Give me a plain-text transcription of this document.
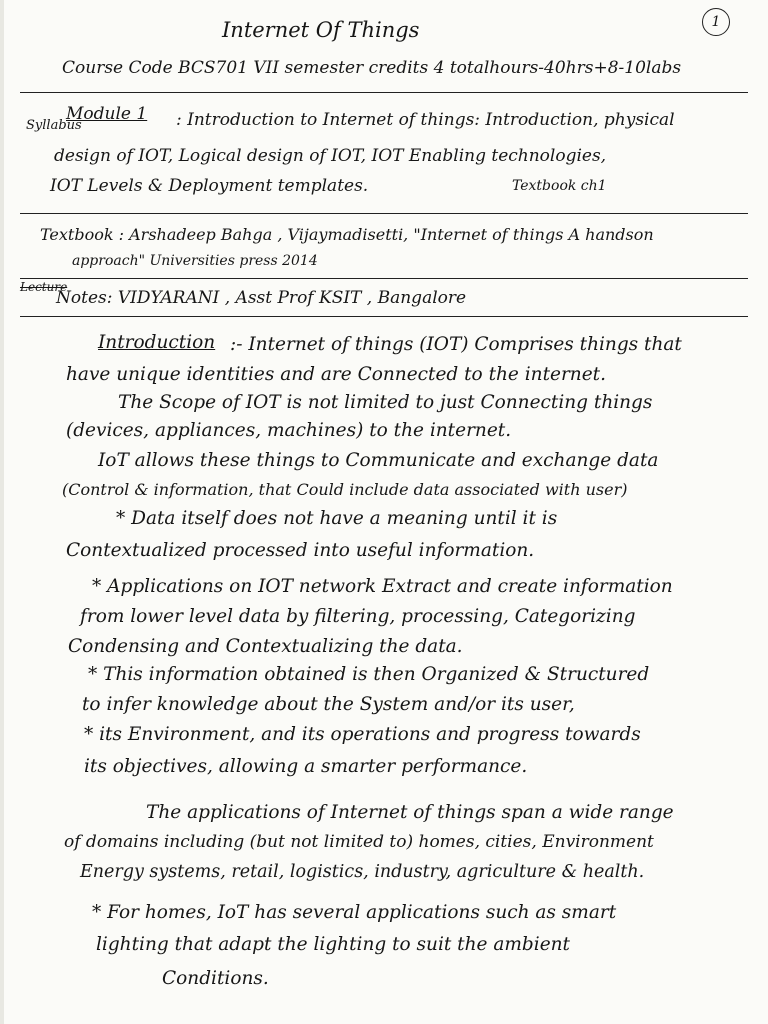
Internet Of Things	1
Course Code BCS701 VII semester credits 4 totalhours-40hrs+8-10labs
Syllabus
Module 1 : Introduction to Internet of things: Introduction, physical
design of IOT, Logical design of IOT, IOT Enabling technologies,
IOT Levels & Deployment templates.	Textbook ch1
Textbook : Arshadeep Bahga , Vijaymadisetti, "Internet of things A handson
approach" Universities press 2014
Lecture
Notes: VIDYARANI , Asst Prof KSIT , Bangalore
Introduction :- Internet of things (IOT) Comprises things that
have unique identities and are Connected to the internet.
The Scope of IOT is not limited to just Connecting things
(devices, appliances, machines) to the internet.
IoT allows these things to Communicate and exchange data
(Control & information, that Could include data associated with user)
* Data itself does not have a meaning until it is
Contextualized processed into useful information.
* Applications on IOT network Extract and create information
from lower level data by filtering, processing, Categorizing
Condensing and Contextualizing the data.
* This information obtained is then Organized & Structured
to infer knowledge about the System and/or its user,
* its Environment, and its operations and progress towards
its objectives, allowing a smarter performance.
The applications of Internet of things span a wide range
of domains including (but not limited to) homes, cities, Environment
Energy systems, retail, logistics, industry, agriculture & health.
* For homes, IoT has several applications such as smart
lighting that adapt the lighting to suit the ambient
Conditions.
